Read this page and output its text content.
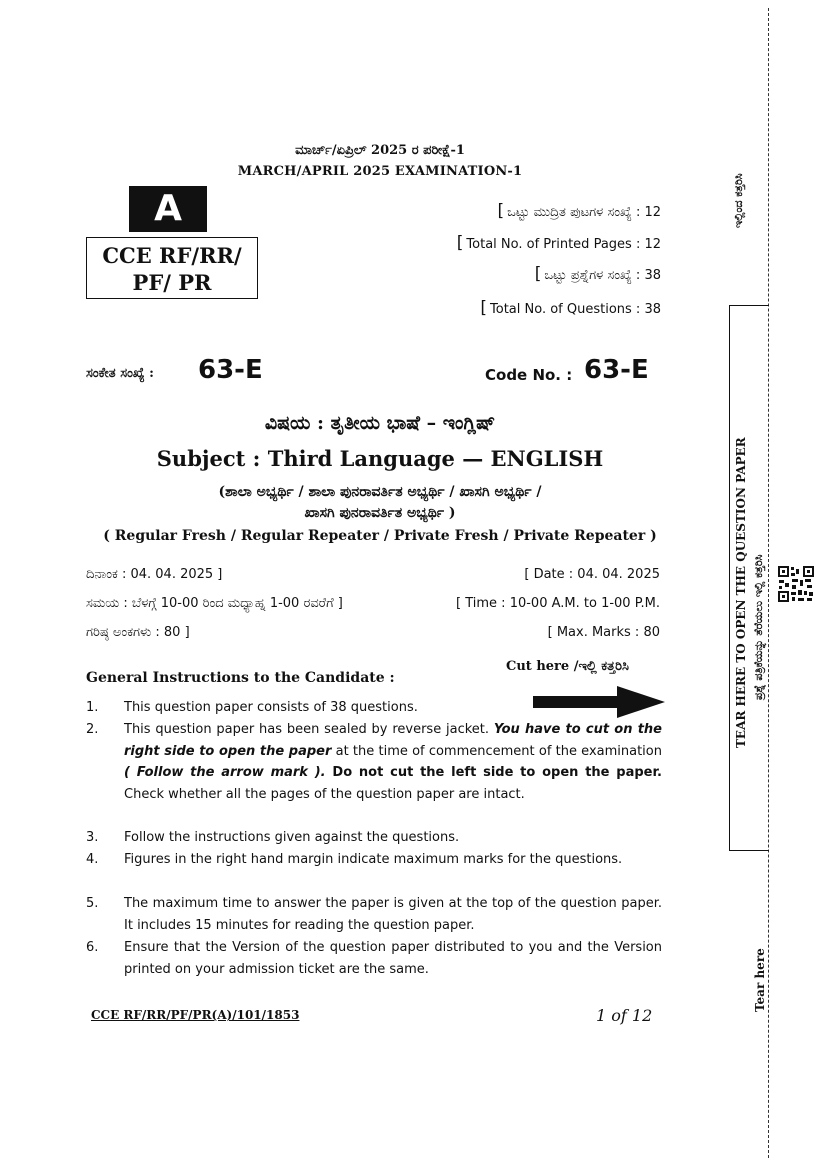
ಮಾರ್ಚ್/ಏಪ್ರಿಲ್ 2025 ರ ಪರೀಕ್ಷೆ-1
MARCH/APRIL 2025 EXAMINATION-1
A
CCE RF/RR/
PF/ PR
[ ಒಟ್ಟು ಮುದ್ರಿತ ಪುಟಗಳ ಸಂಖ್ಯೆ : 12
[ Total No. of Printed Pages : 12
[ ಒಟ್ಟು ಪ್ರಶ್ನೆಗಳ ಸಂಖ್ಯೆ : 38
[ Total No. of Questions : 38
ಸಂಕೇತ ಸಂಖ್ಯೆ : 63-E	Code No. : 63-E
ವಿಷಯ : ತೃತೀಯ ಭಾಷೆ – ಇಂಗ್ಲಿಷ್
Subject : Third Language — ENGLISH
(ಶಾಲಾ ಅಭ್ಯರ್ಥಿ / ಶಾಲಾ ಪುನರಾವರ್ತಿತ ಅಭ್ಯರ್ಥಿ / ಖಾಸಗಿ ಅಭ್ಯರ್ಥಿ /
ಖಾಸಗಿ ಪುನರಾವರ್ತಿತ ಅಭ್ಯರ್ಥಿ )
( Regular Fresh / Regular Repeater / Private Fresh / Private Repeater )
ದಿನಾಂಕ : 04. 04. 2025 ]	[ Date : 04. 04. 2025
ಸಮಯ : ಬೆಳಗ್ಗೆ 10-00 ರಿಂದ ಮಧ್ಯಾಹ್ನ 1-00 ರವರೆಗೆ ]	[ Time : 10-00 A.M. to 1-00 P.M.
ಗರಿಷ್ಠ ಅಂಕಗಳು : 80 ]	[ Max. Marks : 80
Cut here /ಇಲ್ಲಿ ಕತ್ತರಿಸಿ
General Instructions to the Candidate :
1. This question paper consists of 38 questions.
2. This question paper has been sealed by reverse jacket. You have to cut on the right side to open the paper at the time of commencement of the examination ( Follow the arrow mark ). Do not cut the left side to open the paper. Check whether all the pages of the question paper are intact.
3. Follow the instructions given against the questions.
4. Figures in the right hand margin indicate maximum marks for the questions.
5. The maximum time to answer the paper is given at the top of the question paper. It includes 15 minutes for reading the question paper.
6. Ensure that the Version of the question paper distributed to you and the Version printed on your admission ticket are the same.
CCE RF/RR/PF/PR(A)/101/1853	1 of 12
TEAR HERE TO OPEN THE QUESTION PAPER ಪ್ರಶ್ನೆ ಪತ್ರಿಕೆಯನ್ನು ತೆರೆಯಲು ಇಲ್ಲಿ ಕತ್ತರಿಸಿ
ಇಲ್ಲಿಂದ ಕತ್ತರಿಸಿ
Tear here
